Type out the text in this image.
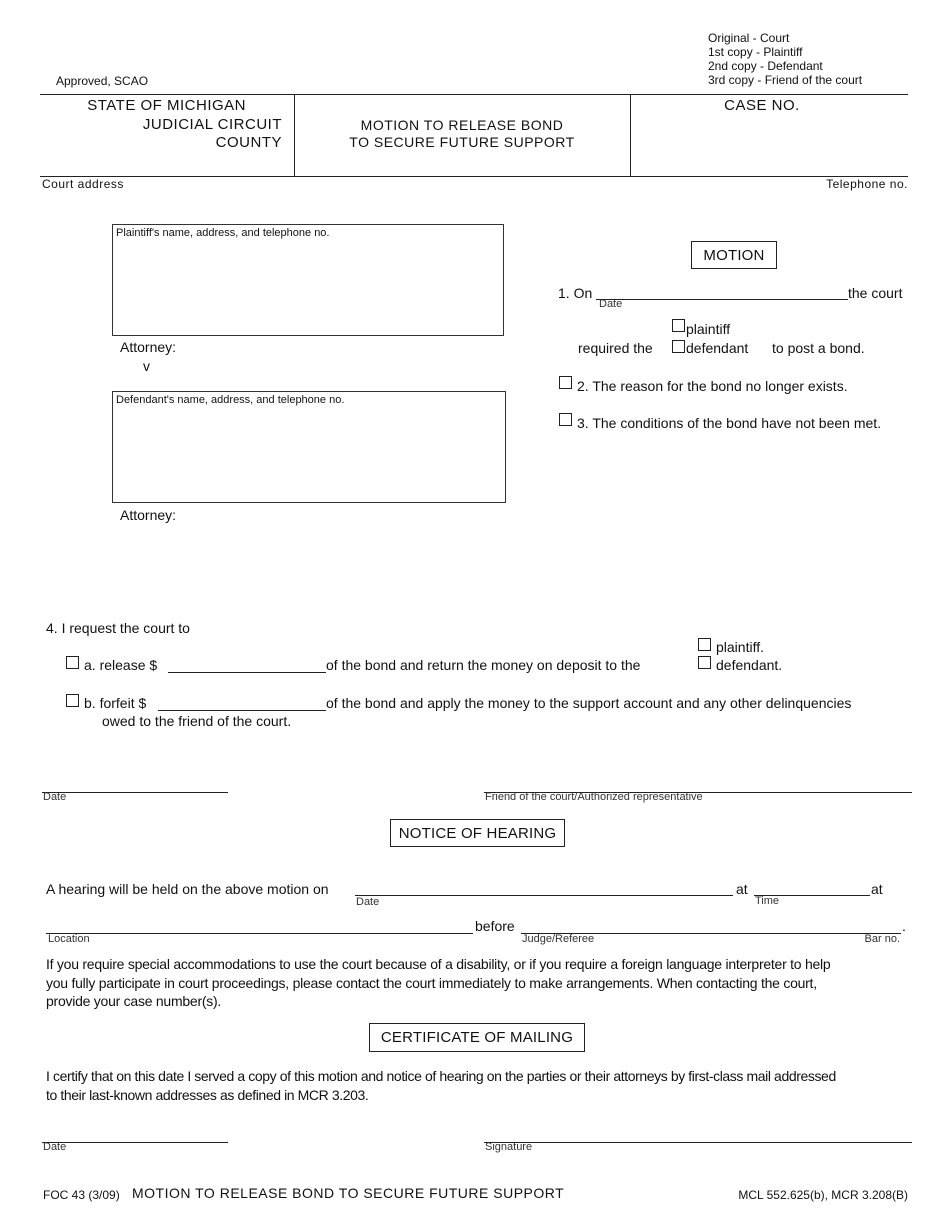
Original - Court
1st copy - Plaintiff
2nd copy - Defendant
3rd copy - Friend of the court
Approved, SCAO
STATE OF MICHIGAN
JUDICIAL CIRCUIT
COUNTY
MOTION TO RELEASE BOND
TO SECURE FUTURE SUPPORT
CASE NO.
Court address	Telephone no.
Plaintiff's name, address, and telephone no.
Attorney:
v
Defendant's name, address, and telephone no.
Attorney:
MOTION
1. On
Date
the court
plaintiff
required the defendant to post a bond.
2. The reason for the bond no longer exists.
3. The conditions of the bond have not been met.
4. I request the court to
plaintiff.
a. release $	of the bond and return the money on deposit to the	defendant.
b. forfeit $	of the bond and apply the money to the support account and any other delinquencies
owed to the friend of the court.
Date	Friend of the court/Authorized representative
NOTICE OF HEARING
A hearing will be held on the above motion on
Date
at
Time
at
Location
before	.
Judge/Referee	Bar no.
If you require special accommodations to use the court because of a disability, or if you require a foreign language interpreter to help
you fully participate in court proceedings, please contact the court immediately to make arrangements. When contacting the court,
provide your case number(s).
CERTIFICATE OF MAILING
I certify that on this date I served a copy of this motion and notice of hearing on the parties or their attorneys by first-class mail addressed
to their last-known addresses as defined in MCR 3.203.
Date	Signature
FOC 43 (3/09) MOTION TO RELEASE BOND TO SECURE FUTURE SUPPORT	MCL 552.625(b), MCR 3.208(B)
